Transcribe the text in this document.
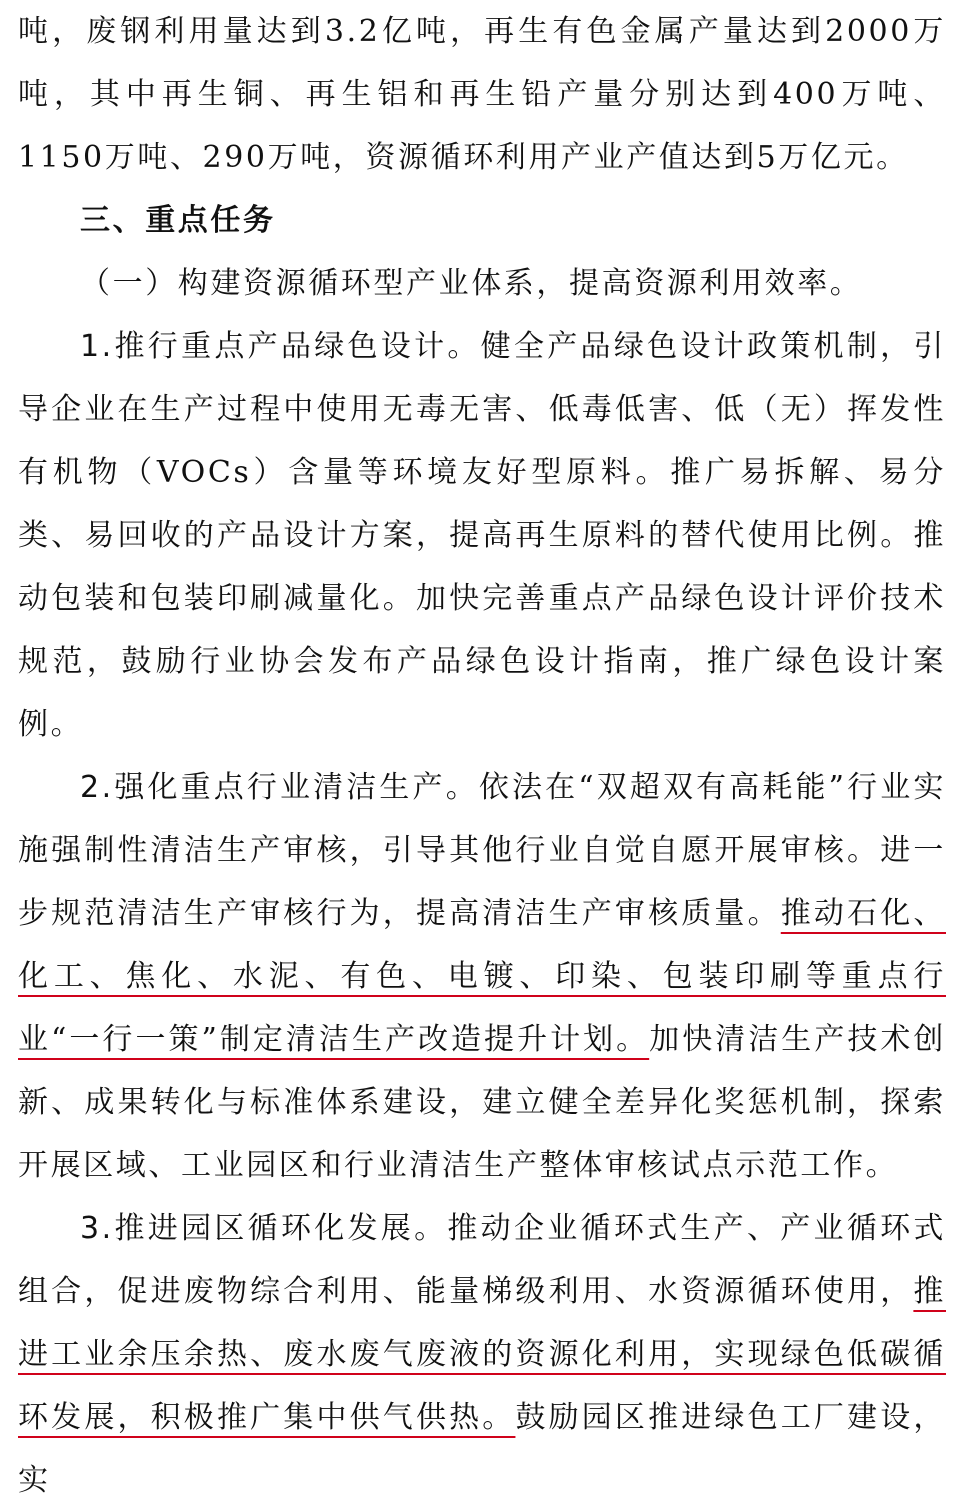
吨，废钢利用量达到3.2亿吨，再生有色金属产量达到2000万吨，其中再生铜、再生铝和再生铅产量分别达到400万吨、1150万吨、290万吨，资源循环利用产业产值达到5万亿元。

三、重点任务

（一）构建资源循环型产业体系，提高资源利用效率。

1.推行重点产品绿色设计。健全产品绿色设计政策机制，引导企业在生产过程中使用无毒无害、低毒低害、低（无）挥发性有机物（VOCs）含量等环境友好型原料。推广易拆解、易分类、易回收的产品设计方案，提高再生原料的替代使用比例。推动包装和包装印刷减量化。加快完善重点产品绿色设计评价技术规范，鼓励行业协会发布产品绿色设计指南，推广绿色设计案例。

2.强化重点行业清洁生产。依法在“双超双有高耗能”行业实施强制性清洁生产审核，引导其他行业自觉自愿开展审核。进一步规范清洁生产审核行为，提高清洁生产审核质量。推动石化、化工、焦化、水泥、有色、电镀、印染、包装印刷等重点行业“一行一策”制定清洁生产改造提升计划。加快清洁生产技术创新、成果转化与标准体系建设，建立健全差异化奖惩机制，探索开展区域、工业园区和行业清洁生产整体审核试点示范工作。

3.推进园区循环化发展。推动企业循环式生产、产业循环式组合，促进废物综合利用、能量梯级利用、水资源循环使用，推进工业余压余热、废水废气废液的资源化利用，实现绿色低碳循环发展，积极推广集中供气供热。鼓励园区推进绿色工厂建设，实
